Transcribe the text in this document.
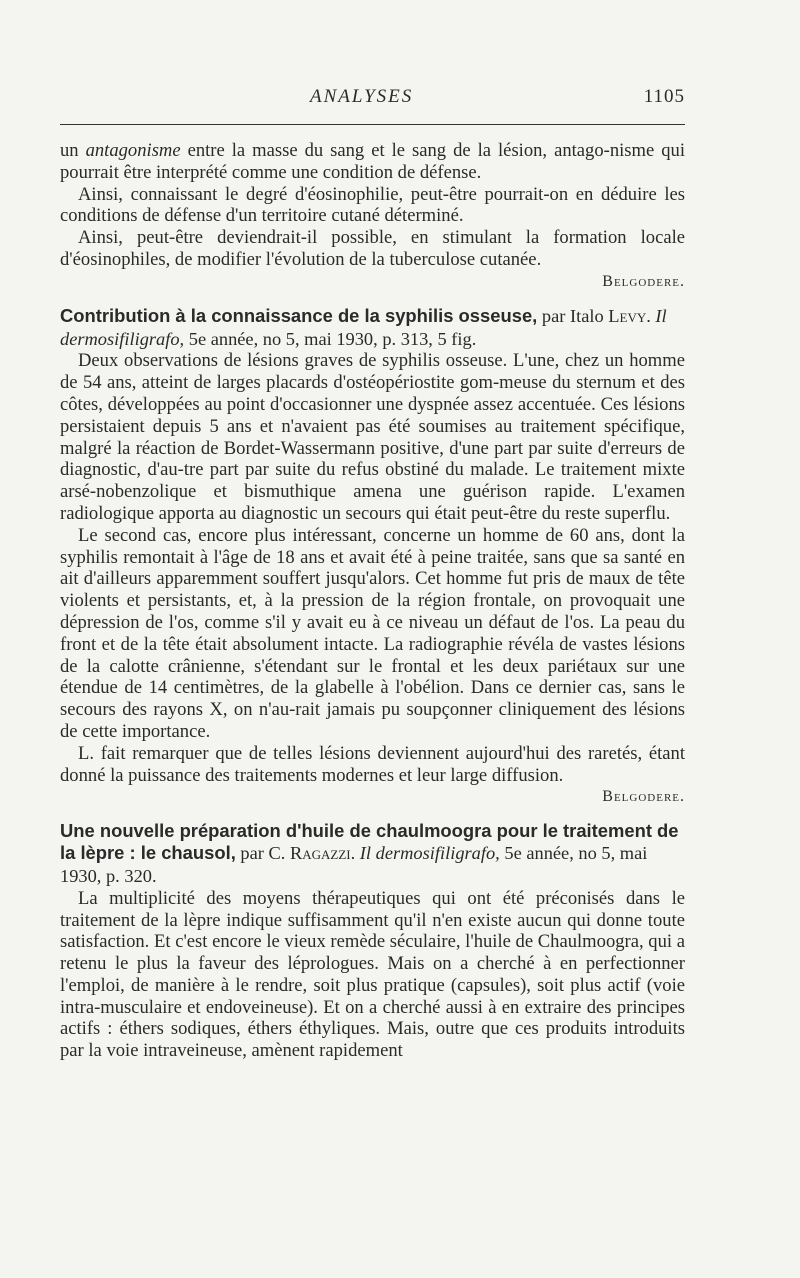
ANALYSES	1105

un antagonisme entre la masse du sang et le sang de la lésion, antago-nisme qui pourrait être interprété comme une condition de défense.

Ainsi, connaissant le degré d'éosinophilie, peut-être pourrait-on en déduire les conditions de défense d'un territoire cutané déterminé.

Ainsi, peut-être deviendrait-il possible, en stimulant la formation locale d'éosinophiles, de modifier l'évolution de la tuberculose cutanée.

Belgodere.

Contribution à la connaissance de la syphilis osseuse, par Italo Levy. Il dermosifiligrafo, 5e année, no 5, mai 1930, p. 313, 5 fig.

Deux observations de lésions graves de syphilis osseuse. L'une, chez un homme de 54 ans, atteint de larges placards d'ostéopériostite gom-meuse du sternum et des côtes, développées au point d'occasionner une dyspnée assez accentuée. Ces lésions persistaient depuis 5 ans et n'avaient pas été soumises au traitement spécifique, malgré la réaction de Bordet-Wassermann positive, d'une part par suite d'erreurs de diagnostic, d'au-tre part par suite du refus obstiné du malade. Le traitement mixte arsé-nobenzolique et bismuthique amena une guérison rapide. L'examen radiologique apporta au diagnostic un secours qui était peut-être du reste superflu.

Le second cas, encore plus intéressant, concerne un homme de 60 ans, dont la syphilis remontait à l'âge de 18 ans et avait été à peine traitée, sans que sa santé en ait d'ailleurs apparemment souffert jusqu'alors. Cet homme fut pris de maux de tête violents et persistants, et, à la pression de la région frontale, on provoquait une dépression de l'os, comme s'il y avait eu à ce niveau un défaut de l'os. La peau du front et de la tête était absolument intacte. La radiographie révéla de vastes lésions de la calotte crânienne, s'étendant sur le frontal et les deux pariétaux sur une étendue de 14 centimètres, de la glabelle à l'obélion. Dans ce dernier cas, sans le secours des rayons X, on n'au-rait jamais pu soupçonner cliniquement des lésions de cette importance.

L. fait remarquer que de telles lésions deviennent aujourd'hui des raretés, étant donné la puissance des traitements modernes et leur large diffusion.

Belgodere.

Une nouvelle préparation d'huile de chaulmoogra pour le traitement de la lèpre : le chausol, par C. Ragazzi. Il dermosifiligrafo, 5e année, no 5, mai 1930, p. 320.

La multiplicité des moyens thérapeutiques qui ont été préconisés dans le traitement de la lèpre indique suffisamment qu'il n'en existe aucun qui donne toute satisfaction. Et c'est encore le vieux remède séculaire, l'huile de Chaulmoogra, qui a retenu le plus la faveur des léprologues. Mais on a cherché à en perfectionner l'emploi, de manière à le rendre, soit plus pratique (capsules), soit plus actif (voie intra-musculaire et endoveineuse). Et on a cherché aussi à en extraire des principes actifs : éthers sodiques, éthers éthyliques. Mais, outre que ces produits introduits par la voie intraveineuse, amènent rapidement
